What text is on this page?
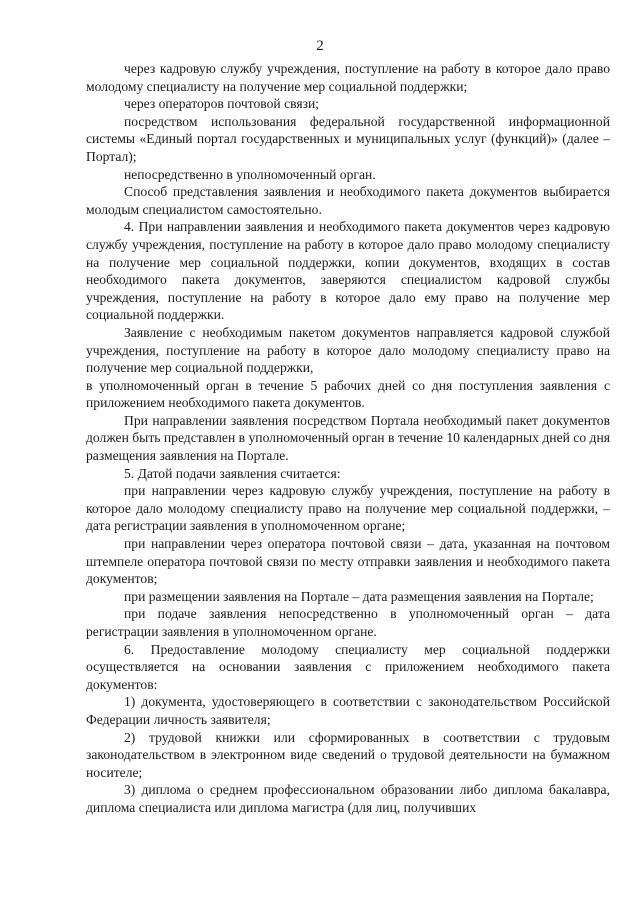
2

через кадровую службу учреждения, поступление на работу в которое дало право молодому специалисту на получение мер социальной поддержки;

через операторов почтовой связи;

посредством использования федеральной государственной информационной системы «Единый портал государственных и муниципальных услуг (функций)» (далее – Портал);

непосредственно в уполномоченный орган.

Способ представления заявления и необходимого пакета документов выбирается молодым специалистом самостоятельно.

4. При направлении заявления и необходимого пакета документов через кадровую службу учреждения, поступление на работу в которое дало право молодому специалисту на получение мер социальной поддержки, копии документов, входящих в состав необходимого пакета документов, заверяются специалистом кадровой службы учреждения, поступление на работу в которое дало ему право на получение мер социальной поддержки.

Заявление с необходимым пакетом документов направляется кадровой службой учреждения, поступление на работу в которое дало молодому специалисту право на получение мер социальной поддержки,

в уполномоченный орган в течение 5 рабочих дней со дня поступления заявления с приложением необходимого пакета документов.

При направлении заявления посредством Портала необходимый пакет документов должен быть представлен в уполномоченный орган в течение 10 календарных дней со дня размещения заявления на Портале.

5. Датой подачи заявления считается:

при направлении через кадровую службу учреждения, поступление на работу в которое дало молодому специалисту право на получение мер социальной поддержки, – дата регистрации заявления в уполномоченном органе;

при направлении через оператора почтовой связи – дата, указанная на почтовом штемпеле оператора почтовой связи по месту отправки заявления и необходимого пакета документов;

при размещении заявления на Портале – дата размещения заявления на Портале;

при подаче заявления непосредственно в уполномоченный орган – дата регистрации заявления в уполномоченном органе.

6. Предоставление молодому специалисту мер социальной поддержки осуществляется на основании заявления с приложением необходимого пакета документов:

1) документа, удостоверяющего в соответствии с законодательством Российской Федерации личность заявителя;

2) трудовой книжки или сформированных в соответствии с трудовым законодательством в электронном виде сведений о трудовой деятельности на бумажном носителе;

3) диплома о среднем профессиональном образовании либо диплома бакалавра, диплома специалиста или диплома магистра (для лиц, получивших
